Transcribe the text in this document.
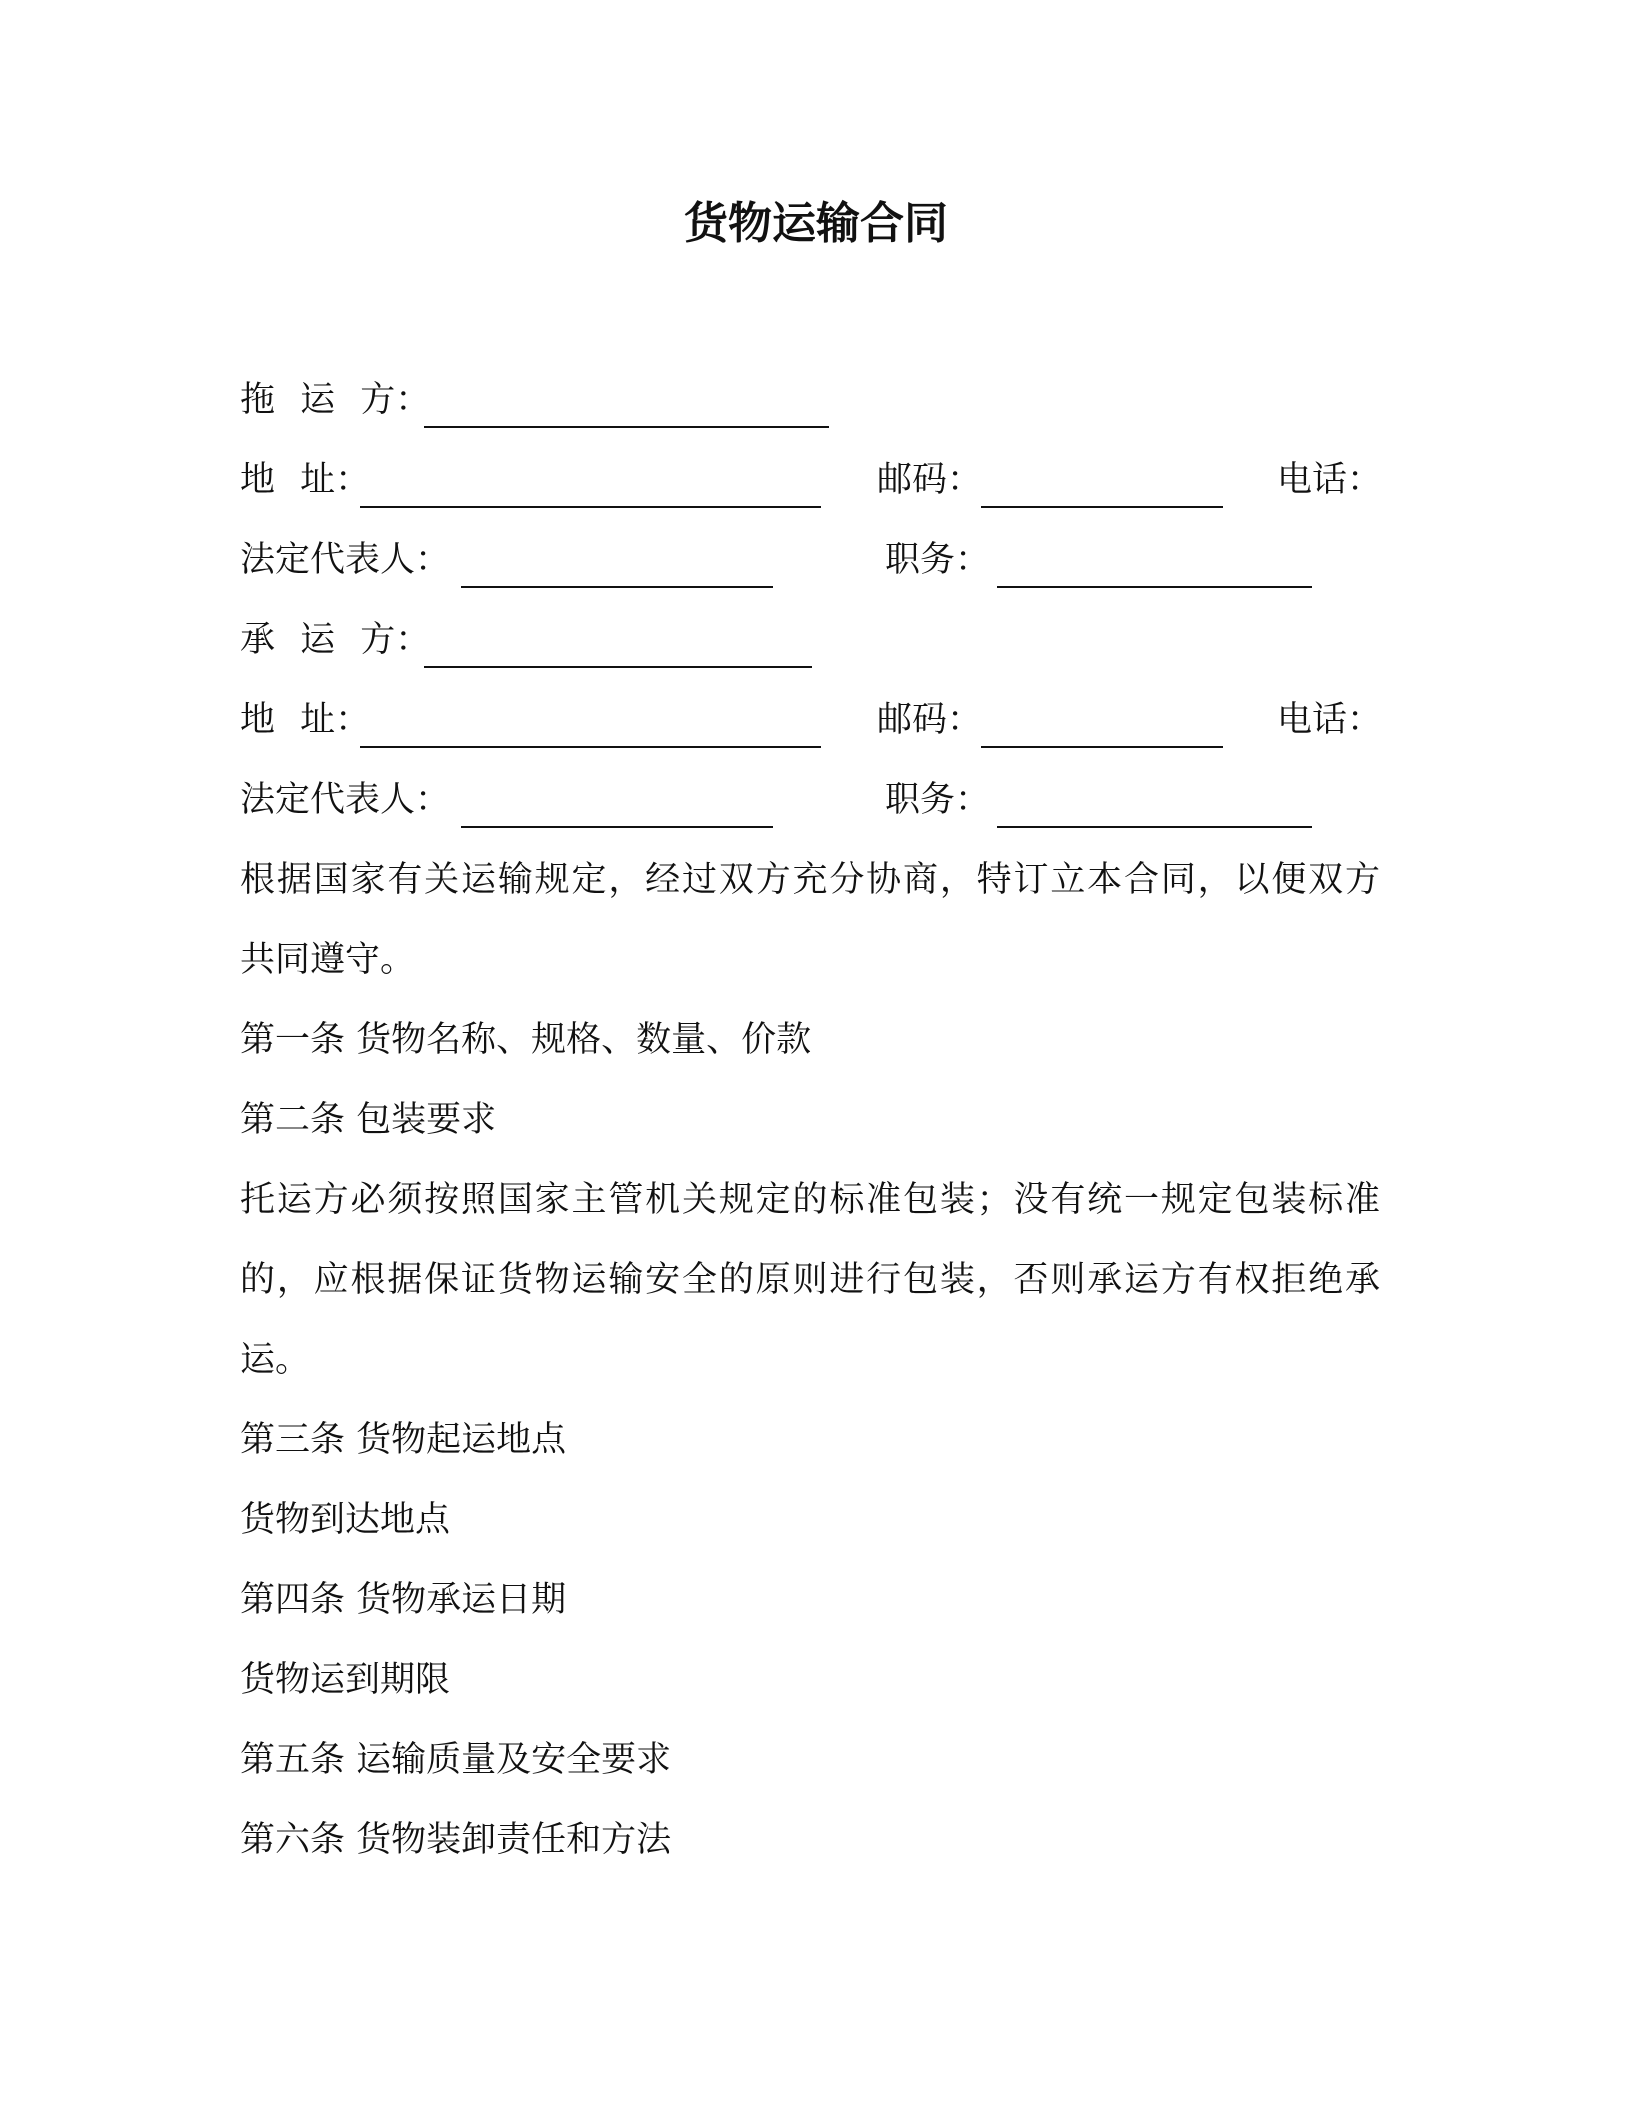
货物运输合同
拖 运 方：
地 址：	邮码：	电话：
法定代表人：	职务：
承 运 方：
地 址：	邮码：	电话：
法定代表人：	职务：
根据国家有关运输规定，经过双方充分协商，特订立本合同，以便双方
共同遵守。
第一条 货物名称、规格、数量、价款
第二条 包装要求
托运方必须按照国家主管机关规定的标准包装；没有统一规定包装标准
的，应根据保证货物运输安全的原则进行包装，否则承运方有权拒绝承
运。
第三条 货物起运地点
货物到达地点
第四条 货物承运日期
货物运到期限
第五条 运输质量及安全要求
第六条 货物装卸责任和方法
